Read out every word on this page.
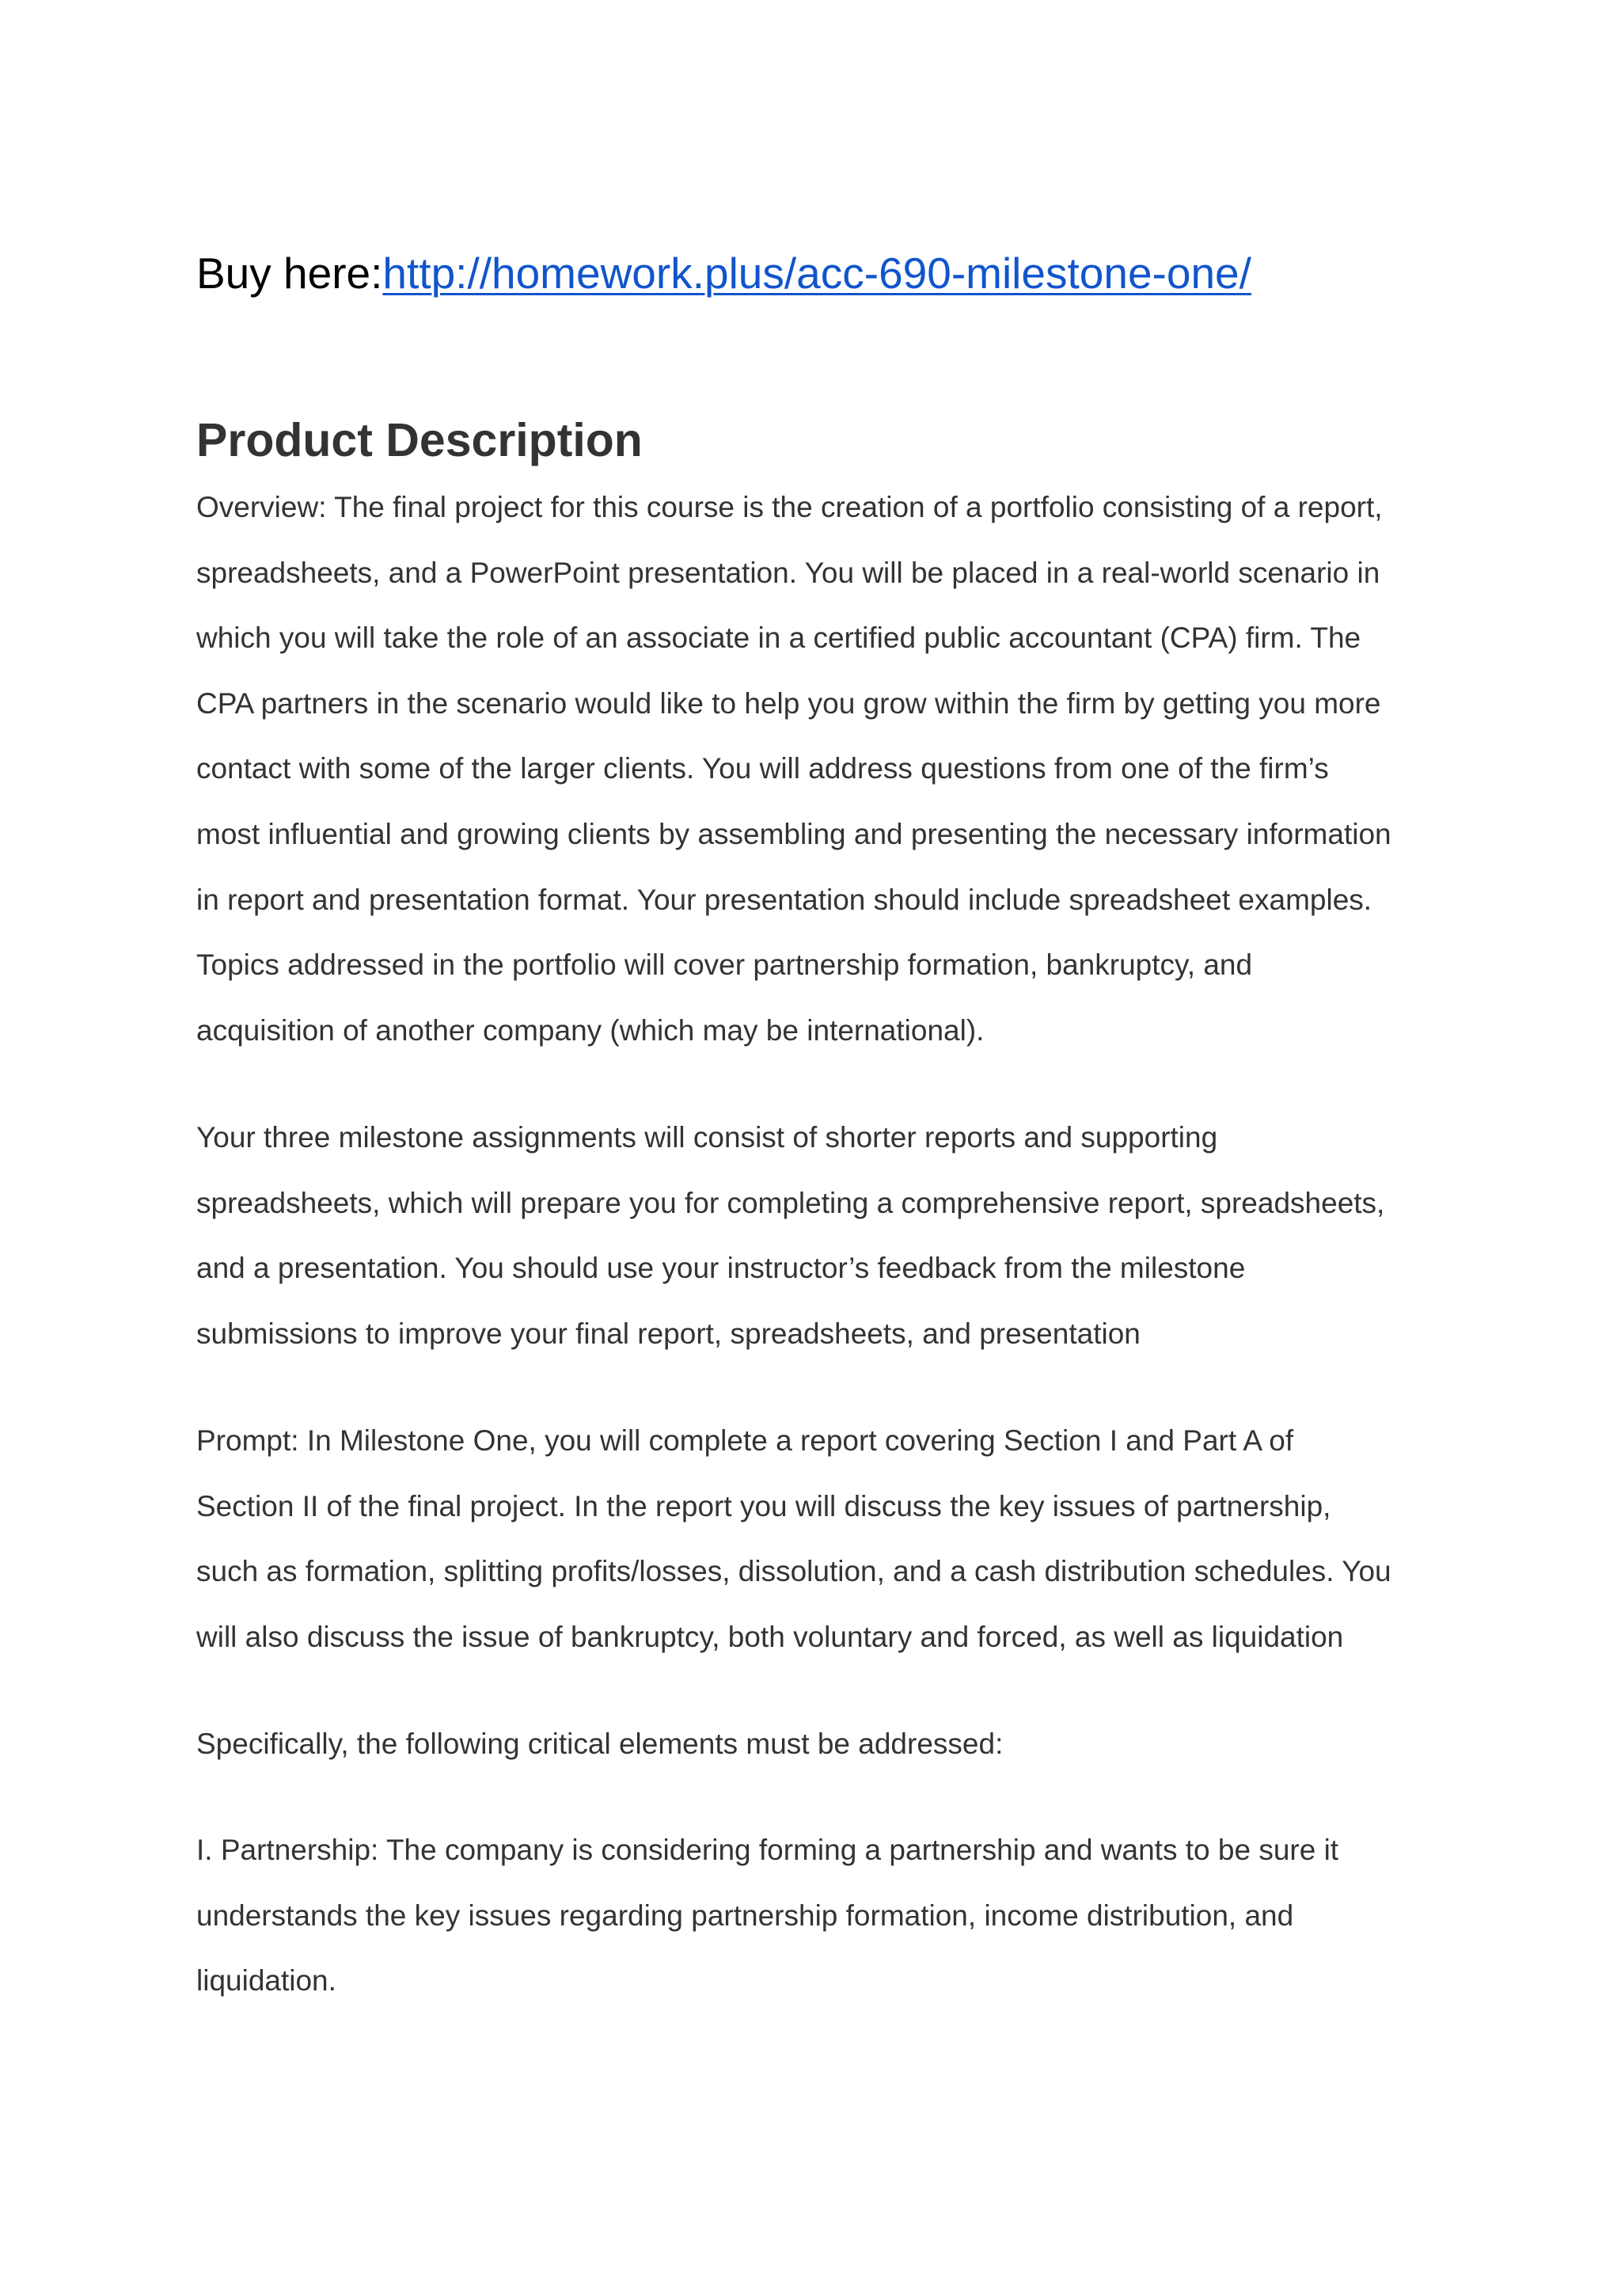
Buy here:http://homework.plus/acc-690-milestone-one/
Product Description

Overview: The final project for this course is the creation of a portfolio consisting of a report,
spreadsheets, and a PowerPoint presentation. You will be placed in a real-world scenario in
which you will take the role of an associate in a certified public accountant (CPA) firm. The
CPA partners in the scenario would like to help you grow within the firm by getting you more
contact with some of the larger clients. You will address questions from one of the firm’s
most influential and growing clients by assembling and presenting the necessary information
in report and presentation format. Your presentation should include spreadsheet examples.
Topics addressed in the portfolio will cover partnership formation, bankruptcy, and
acquisition of another company (which may be international).

Your three milestone assignments will consist of shorter reports and supporting
spreadsheets, which will prepare you for completing a comprehensive report, spreadsheets,
and a presentation. You should use your instructor’s feedback from the milestone
submissions to improve your final report, spreadsheets, and presentation

Prompt: In Milestone One, you will complete a report covering Section I and Part A of
Section II of the final project. In the report you will discuss the key issues of partnership,
such as formation, splitting profits/losses, dissolution, and a cash distribution schedules. You
will also discuss the issue of bankruptcy, both voluntary and forced, as well as liquidation

Specifically, the following critical elements must be addressed:

I. Partnership: The company is considering forming a partnership and wants to be sure it
understands the key issues regarding partnership formation, income distribution, and
liquidation.
